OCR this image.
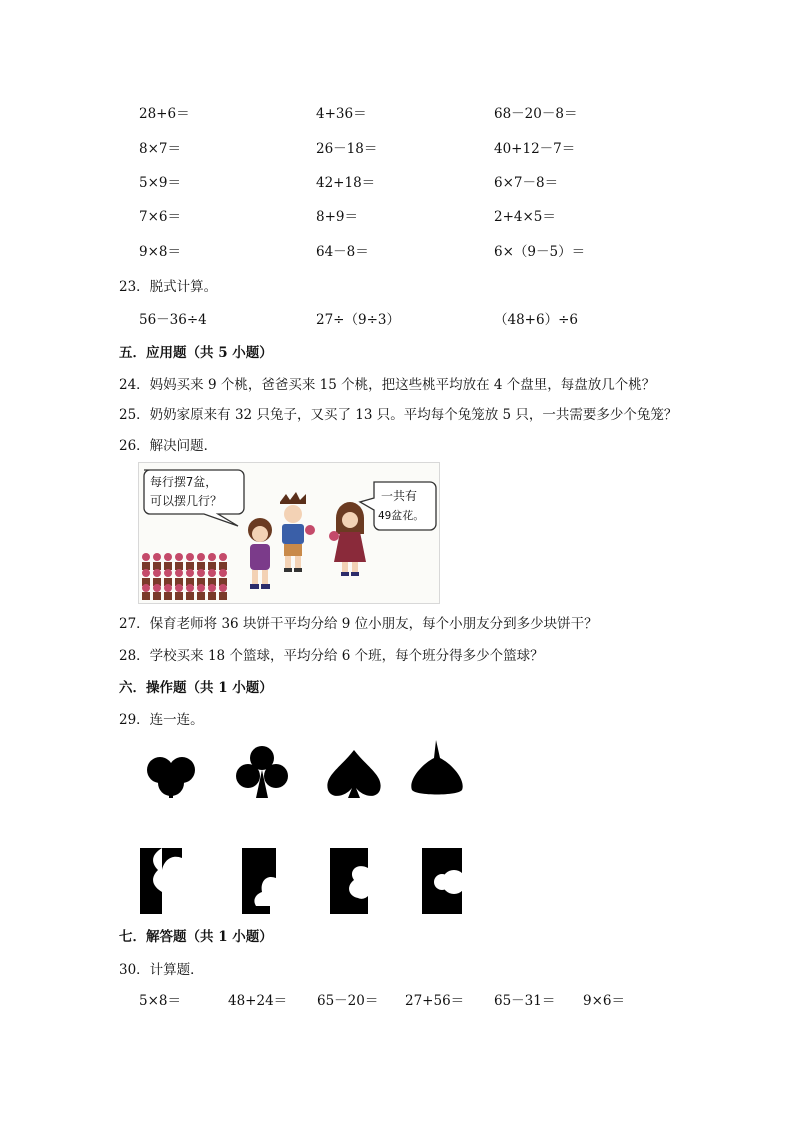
28+6＝	4+36＝	68－20－8＝
8×7＝	26－18＝	40+12－7＝
5×9＝	42+18＝	6×7－8＝
7×6＝	8+9＝	2+4×5＝
9×8＝	64－8＝	6×（9－5）＝
23．脱式计算。
56－36÷4	27÷（9÷3）	（48+6）÷6
五．应用题（共 5 小题）
24．妈妈买来 9 个桃，爸爸买来 15 个桃，把这些桃平均放在 4 个盘里，每盘放几个桃？
25．奶奶家原来有 32 只兔子，又买了 13 只。平均每个兔笼放 5 只，一共需要多少个兔笼？
26．解决问题．
每行摆7盆，
可以摆几行？	一共有
49盆花。
27．保育老师将 36 块饼干平均分给 9 位小朋友，每个小朋友分到多少块饼干？
28．学校买来 18 个篮球，平均分给 6 个班，每个班分得多少个篮球？
六．操作题（共 1 小题）
29．连一连。
七．解答题（共 1 小题）
30．计算题．
5×8＝	48+24＝ 65－20＝ 27+56＝ 65－31＝ 9×6＝
